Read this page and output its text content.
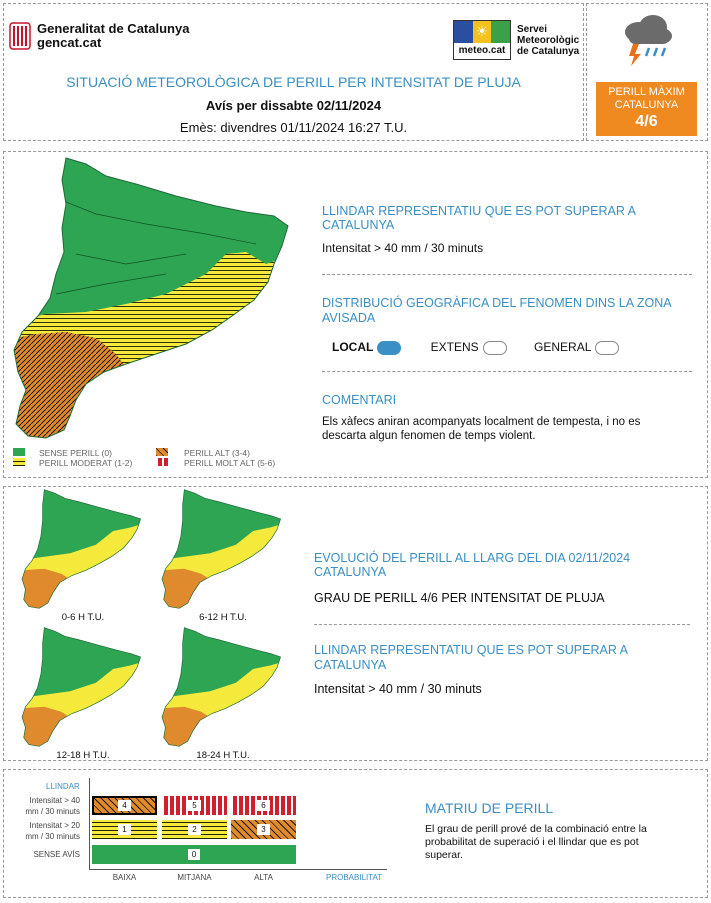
Generalitat de Catalunya
gencat.cat
☀
meteo.cat
Servei
Meteorològic
de Catalunya
SITUACIÓ METEOROLÒGICA DE PERILL PER INTENSITAT DE PLUJA
Avís per dissabte 02/11/2024
Emès: divendres 01/11/2024 16:27 T.U.
PERILL MÀXIM
CATALUNYA
4/6
SENSE PERILL (0)
PERILL MODERAT (1-2)
PERILL ALT (3-4)
PERILL MOLT ALT (5-6)
LLINDAR REPRESENTATIU QUE ES POT SUPERAR A CATALUNYA
Intensitat > 40 mm / 30 minuts
DISTRIBUCIÓ GEOGRÀFICA DEL FENOMEN DINS LA ZONA AVISADA
LOCAL	EXTENS	GENERAL
COMENTARI
Els xàfecs aniran acompanyats localment de tempesta, i no es descarta algun fenomen de temps violent.
0-6 H T.U.	6-12 H T.U.
12-18 H T.U.	18-24 H T.U.
EVOLUCIÓ DEL PERILL AL LLARG DEL DIA 02/11/2024 CATALUNYA
GRAU DE PERILL 4/6 PER INTENSITAT DE PLUJA
LLINDAR REPRESENTATIU QUE ES POT SUPERAR A CATALUNYA
Intensitat > 40 mm / 30 minuts
LLINDAR
Intensitat > 40 mm / 30 minuts
Intensitat > 20 mm / 30 minuts
SENSE AVÍS
4	5	6
1	2	3
0
BAIXA	MITJANA	ALTA	PROBABILITAT
MATRIU DE PERILL
El grau de perill prové de la combinació entre la probabilitat de superació i el llindar que es pot superar.
